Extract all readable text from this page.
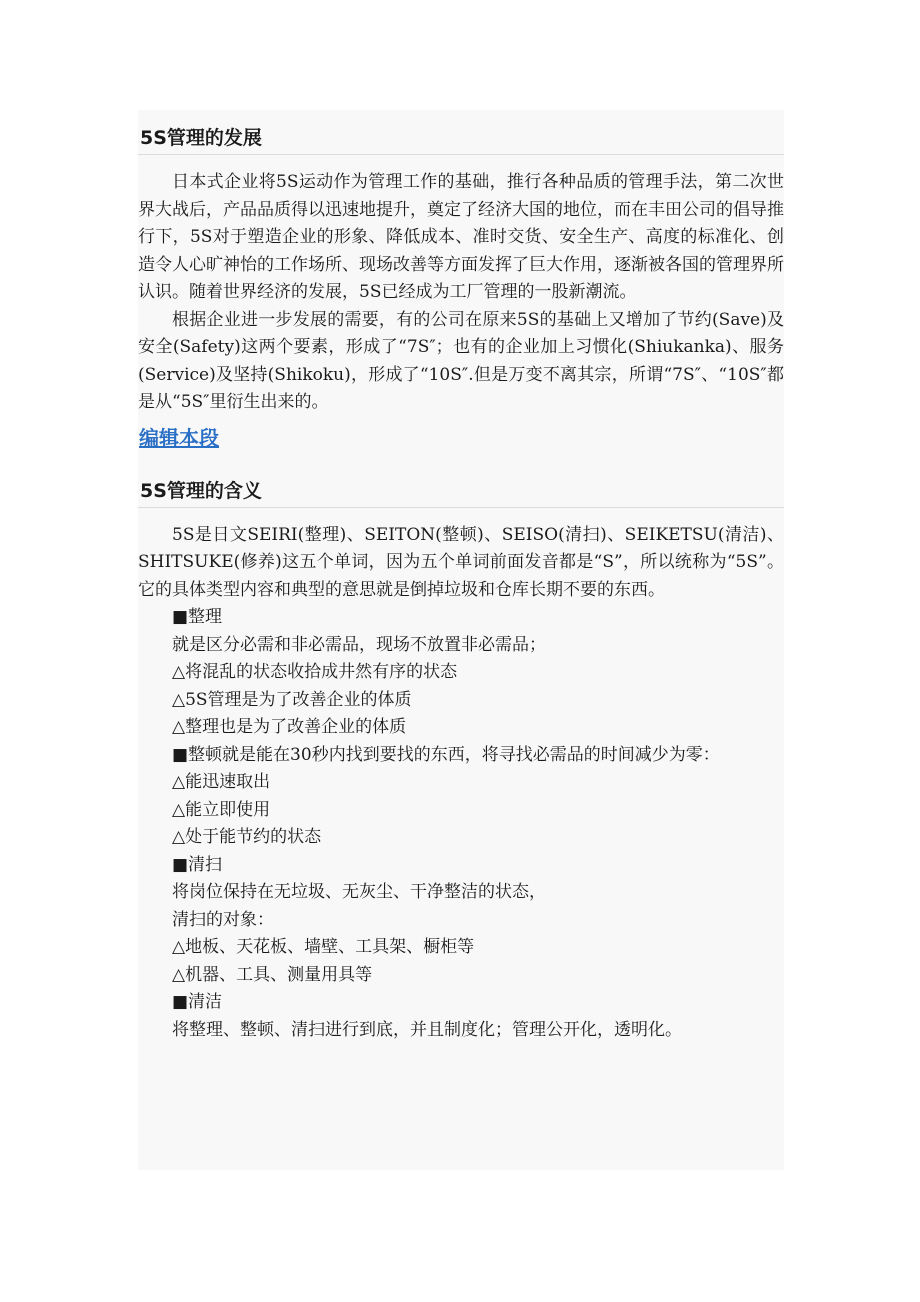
5S管理的发展

日本式企业将5S运动作为管理工作的基础，推行各种品质的管理手法，第二次世界大战后，产品品质得以迅速地提升，奠定了经济大国的地位，而在丰田公司的倡导推行下，5S对于塑造企业的形象、降低成本、准时交货、安全生产、高度的标准化、创造令人心旷神怡的工作场所、现场改善等方面发挥了巨大作用，逐渐被各国的管理界所认识。随着世界经济的发展，5S已经成为工厂管理的一股新潮流。

根据企业进一步发展的需要，有的公司在原来5S的基础上又增加了节约(Save)及安全(Safety)这两个要素，形成了“7S″；也有的企业加上习惯化(Shiukanka)、服务(Service)及坚持(Shikoku)，形成了“10S″.但是万变不离其宗，所谓“7S″、“10S″都是从“5S″里衍生出来的。

编辑本段
5S管理的含义

5S是日文SEIRI(整理)、SEITON(整顿)、SEISO(清扫)、SEIKETSU(清洁)、SHITSUKE(修养)这五个单词，因为五个单词前面发音都是“S”，所以统称为“5S”。它的具体类型内容和典型的意思就是倒掉垃圾和仓库长期不要的东西。

■整理

就是区分必需和非必需品，现场不放置非必需品；

△将混乱的状态收拾成井然有序的状态

△5S管理是为了改善企业的体质

△整理也是为了改善企业的体质

■整顿就是能在30秒内找到要找的东西，将寻找必需品的时间减少为零：

△能迅速取出

△能立即使用

△处于能节约的状态

■清扫

将岗位保持在无垃圾、无灰尘、干净整洁的状态，

清扫的对象：

△地板、天花板、墙壁、工具架、橱柜等

△机器、工具、测量用具等

■清洁

将整理、整顿、清扫进行到底，并且制度化；管理公开化，透明化。
